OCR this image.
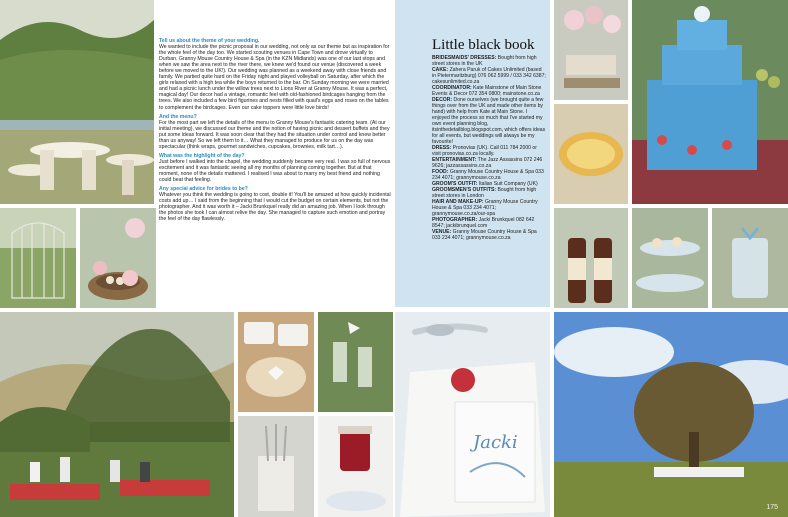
Tell us about the theme of your wedding.
We wanted to include the picnic proposal in our wedding, not only as our theme but as inspiration for the whole feel of the day too. We started scouting venues in Cape Town and drove virtually to Durban. Granny Mouse Country House & Spa (in the KZN Midlands) was one of our last stops and when we saw the area next to the river there, we knew we'd found our venue (discovered a week before we moved to the UK!). Our wedding was planned as a weekend away with close friends and family. We partied quite hard on the Friday night and played volleyball on Saturday, after which the girls relaxed with a high tea while the boys returned to the bar. On Sunday morning we were married and had a picnic lunch under the willow trees next to Lions River at Granny Mouse. It was a perfect, magical day! Our decor had a vintage, romantic feel with old-fashioned birdcages hanging from the trees. We also included a few bird figurines and nests filled with quail's eggs and roses on the tables to complement the birdcages. Even our cake toppers were little love birds!
And the menu?
For the most part we left the details of the menu to Granny Mouse's fantastic catering team. (At our initial meeting), we discussed our theme and the notion of having picnic and dessert buffets and they put some ideas forward. It was soon clear that they had the situation under control and knew better than us anyway! So we left them to it… What they managed to produce for us on the day was spectacular (think wraps, gourmet sandwiches, cupcakes, brownies, milk tart…).
What was the highlight of the day?
Just before I walked into the chapel, the wedding suddenly became very real. I was so full of nervous excitement and it was fantastic seeing all my months of planning coming together. But at that moment, none of the details mattered. I realised I was about to marry my best friend and nothing could beat that feeling.
Any special advice for brides to be?
Whatever you think the wedding is going to cost, double it! You'll be amazed at how quickly incidental costs add up… I said from the beginning that I would cut the budget on certain elements, but not the photographer. And it was worth it – Jacki Brunkquel really did an amazing job. When I look through the photos she took I can almost relive the day. She managed to capture such emotion and portray the feel of the day flawlessly.
Little black book
BRIDESMAIDS' DRESSES: Bought from high street stores in the UK
CAKE: Zahera Paruk of Cakes Unlimited (based in Pietermaritzburg) 076 062 5999 / 033 342 6387; cakesunlimited.co.za
COORDINATOR: Kate Mainstone of Main Stone Events & Decor 072 354 0800; mainstone.co.za
DECOR: Done ourselves (we brought quite a few things over from the UK and made other items by hand) with help from Kate at Main Stone. I enjoyed the process so much that I've started my own event planning blog, itsinthedetailblog.blogspot.com, which offers ideas for all events, but weddings will always be my favourite!
DRESS: Pronovias (UK). Call 011 784 2000 or visit pronovias.co.za locally.
ENTERTAINMENT: The Jazz Assassins 072 246 9626; jazzassassins.co.za
FOOD: Granny Mouse Country House & Spa 033 234 4071; grannymouse.co.za
GROOM'S OUTFIT: Italian Suit Company (UK)
GROOMSMEN'S OUTFITS: Bought from high street stores in London
HAIR AND MAKE-UP: Granny Mouse Country House & Spa 033 234 4071; grannymouse.co.za/our-spa
PHOTOGRAPHER: Jacki Brunkquel 082 642 8547; jackibrunquel.com
VENUE: Granny Mouse Country House & Spa 033 234 4071; grannymouse.co.za
Jacki
175
